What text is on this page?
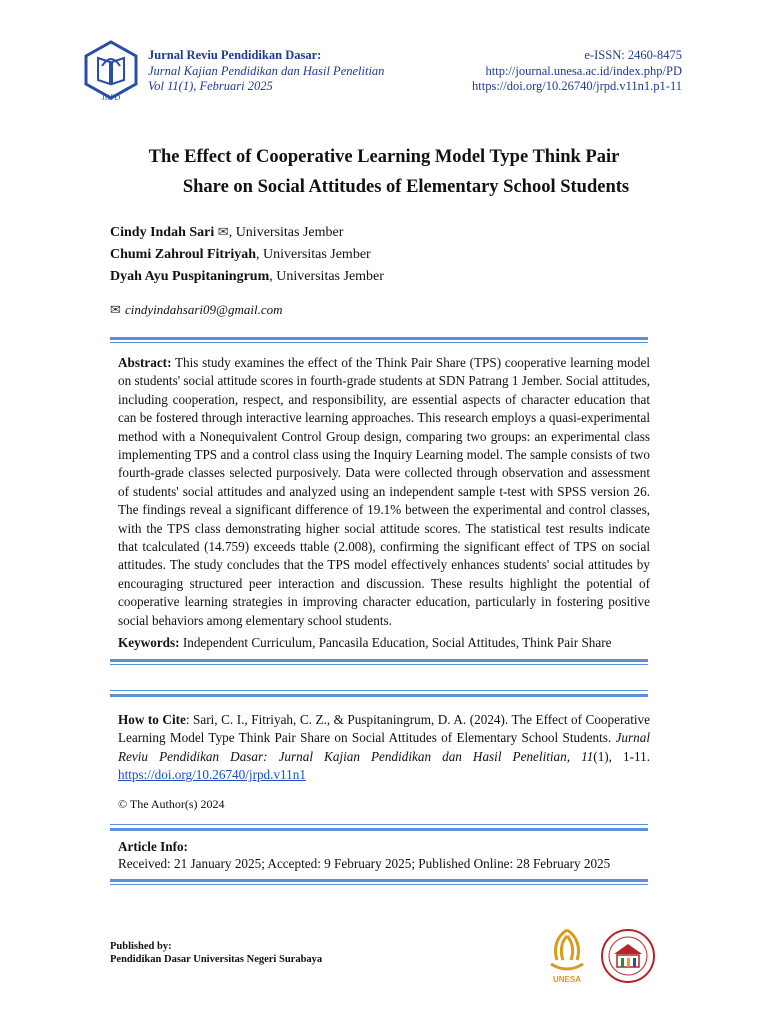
JRPD
Jurnal Reviu Pendidikan Dasar:
Jurnal Kajian Pendidikan dan Hasil Penelitian
Vol 11(1), Februari 2025
e-ISSN: 2460-8475
http://journal.unesa.ac.id/index.php/PD
https://doi.org/10.26740/jrpd.v11n1.p1-11
The Effect of Cooperative Learning Model Type Think Pair
Share on Social Attitudes of Elementary School Students
Cindy Indah Sari ✉, Universitas Jember
Chumi Zahroul Fitriyah, Universitas Jember
Dyah Ayu Puspitaningrum, Universitas Jember
✉ cindyindahsari09@gmail.com
Abstract: This study examines the effect of the Think Pair Share (TPS) cooperative learning model on students' social attitude scores in fourth-grade students at SDN Patrang 1 Jember. Social attitudes, including cooperation, respect, and responsibility, are essential aspects of character education that can be fostered through interactive learning approaches. This research employs a quasi-experimental method with a Nonequivalent Control Group design, comparing two groups: an experimental class implementing TPS and a control class using the Inquiry Learning model. The sample consists of two fourth-grade classes selected purposively. Data were collected through observation and assessment of students' social attitudes and analyzed using an independent sample t-test with SPSS version 26. The findings reveal a significant difference of 19.1% between the experimental and control classes, with the TPS class demonstrating higher social attitude scores. The statistical test results indicate that tcalculated (14.759) exceeds ttable (2.008), confirming the significant effect of TPS on social attitudes. The study concludes that the TPS model effectively enhances students' social attitudes by encouraging structured peer interaction and discussion. These results highlight the potential of cooperative learning strategies in improving character education, particularly in fostering positive social behaviors among elementary school students.
Keywords: Independent Curriculum, Pancasila Education, Social Attitudes, Think Pair Share
How to Cite: Sari, C. I., Fitriyah, C. Z., & Puspitaningrum, D. A. (2024). The Effect of Cooperative Learning Model Type Think Pair Share on Social Attitudes of Elementary School Students. Jurnal Reviu Pendidikan Dasar: Jurnal Kajian Pendidikan dan Hasil Penelitian, 11(1), 1-11. https://doi.org/10.26740/jrpd.v11n1
© The Author(s) 2024
Article Info:
Received: 21 January 2025; Accepted: 9 February 2025; Published Online: 28 February 2025
Published by:
Pendidikan Dasar Universitas Negeri Surabaya
UNESA
